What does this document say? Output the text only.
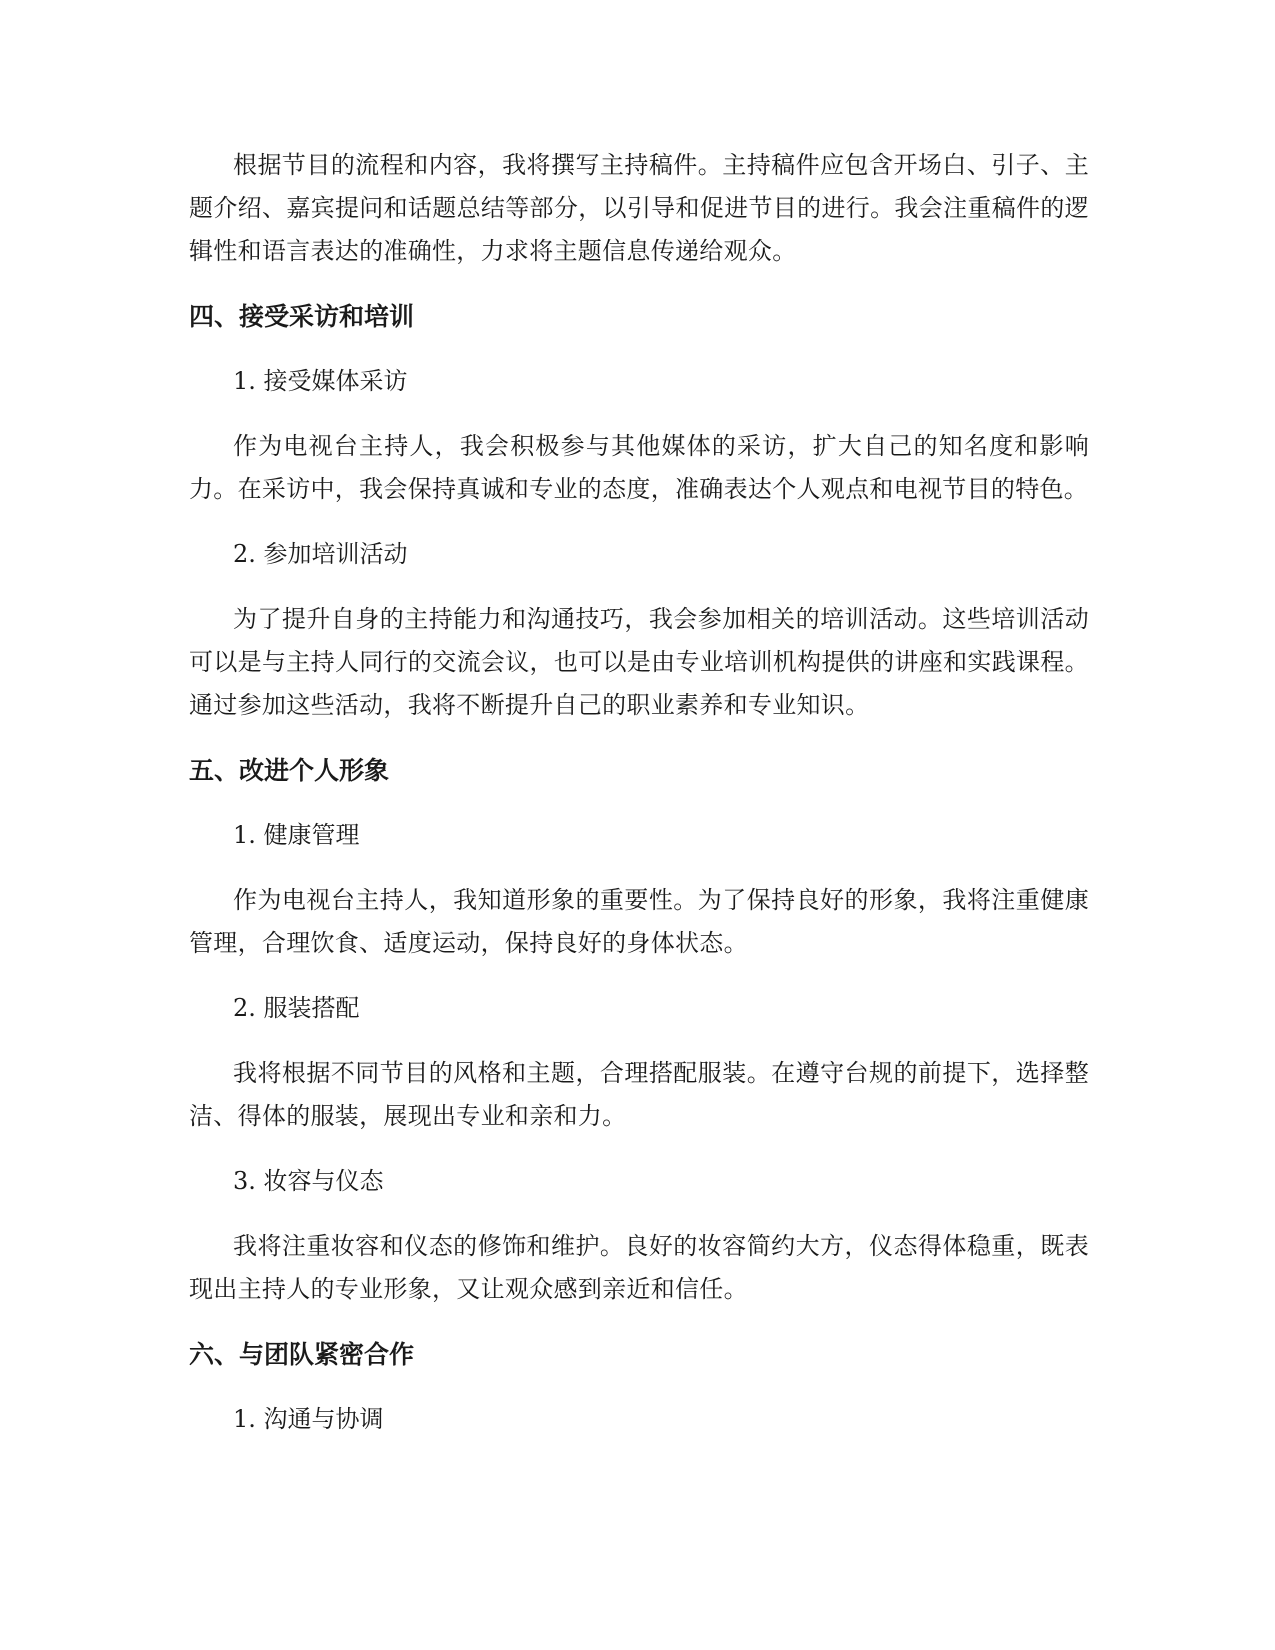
根据节目的流程和内容，我将撰写主持稿件。主持稿件应包含开场白、引子、主题介绍、嘉宾提问和话题总结等部分，以引导和促进节目的进行。我会注重稿件的逻辑性和语言表达的准确性，力求将主题信息传递给观众。

四、接受采访和培训
1. 接受媒体采访

作为电视台主持人，我会积极参与其他媒体的采访，扩大自己的知名度和影响力。在采访中，我会保持真诚和专业的态度，准确表达个人观点和电视节目的特色。

2. 参加培训活动

为了提升自身的主持能力和沟通技巧，我会参加相关的培训活动。这些培训活动可以是与主持人同行的交流会议，也可以是由专业培训机构提供的讲座和实践课程。通过参加这些活动，我将不断提升自己的职业素养和专业知识。

五、改进个人形象
1. 健康管理

作为电视台主持人，我知道形象的重要性。为了保持良好的形象，我将注重健康管理，合理饮食、适度运动，保持良好的身体状态。

2. 服装搭配

我将根据不同节目的风格和主题，合理搭配服装。在遵守台规的前提下，选择整洁、得体的服装，展现出专业和亲和力。

3. 妆容与仪态

我将注重妆容和仪态的修饰和维护。良好的妆容简约大方，仪态得体稳重，既表现出主持人的专业形象，又让观众感到亲近和信任。

六、与团队紧密合作
1. 沟通与协调
